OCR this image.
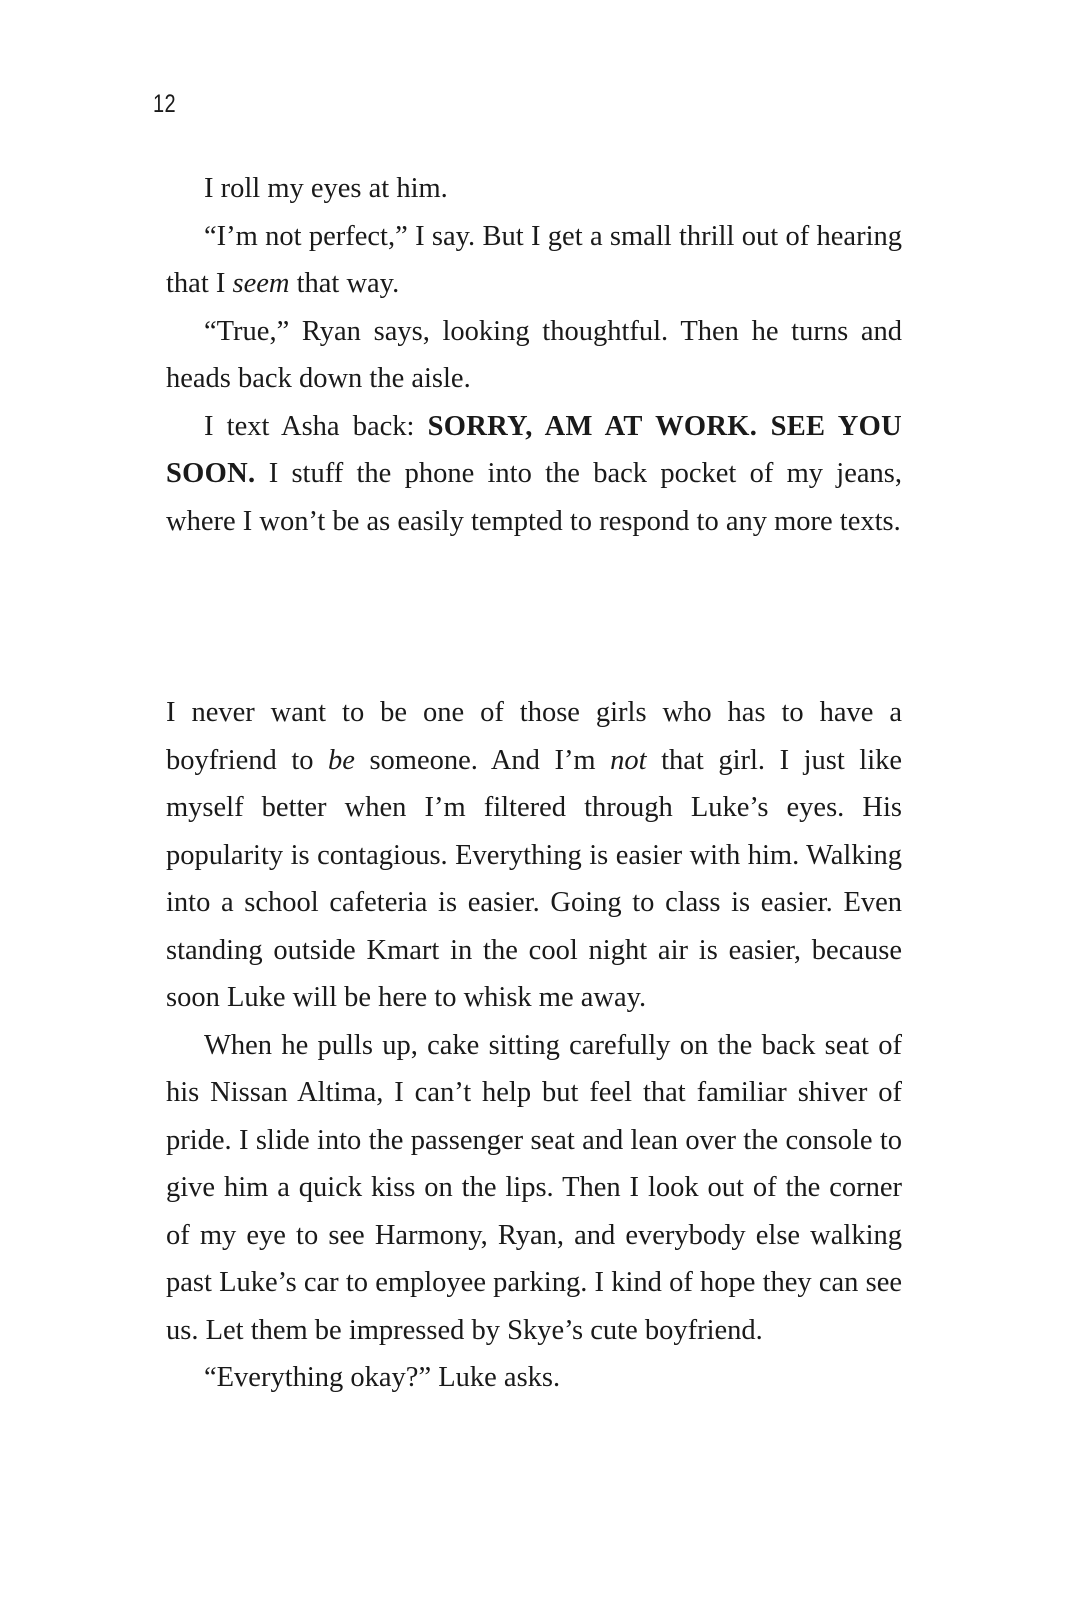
12

I roll my eyes at him.

“I’m not perfect,” I say. But I get a small thrill out of hearing that I seem that way.

“True,” Ryan says, looking thoughtful. Then he turns and heads back down the aisle.

I text Asha back: SORRY, AM AT WORK. SEE YOU SOON. I stuff the phone into the back pocket of my jeans, where I won’t be as easily tempted to respond to any more texts.

I never want to be one of those girls who has to have a boyfriend to be someone. And I’m not that girl. I just like myself better when I’m filtered through Luke’s eyes. His popularity is contagious. Everything is easier with him. Walking into a school cafeteria is easier. Going to class is easier. Even standing outside Kmart in the cool night air is easier, because soon Luke will be here to whisk me away.

When he pulls up, cake sitting carefully on the back seat of his Nissan Altima, I can’t help but feel that familiar shiver of pride. I slide into the passenger seat and lean over the console to give him a quick kiss on the lips. Then I look out of the corner of my eye to see Harmony, Ryan, and everybody else walking past Luke’s car to employee parking. I kind of hope they can see us. Let them be impressed by Skye’s cute boyfriend.

“Everything okay?” Luke asks.
